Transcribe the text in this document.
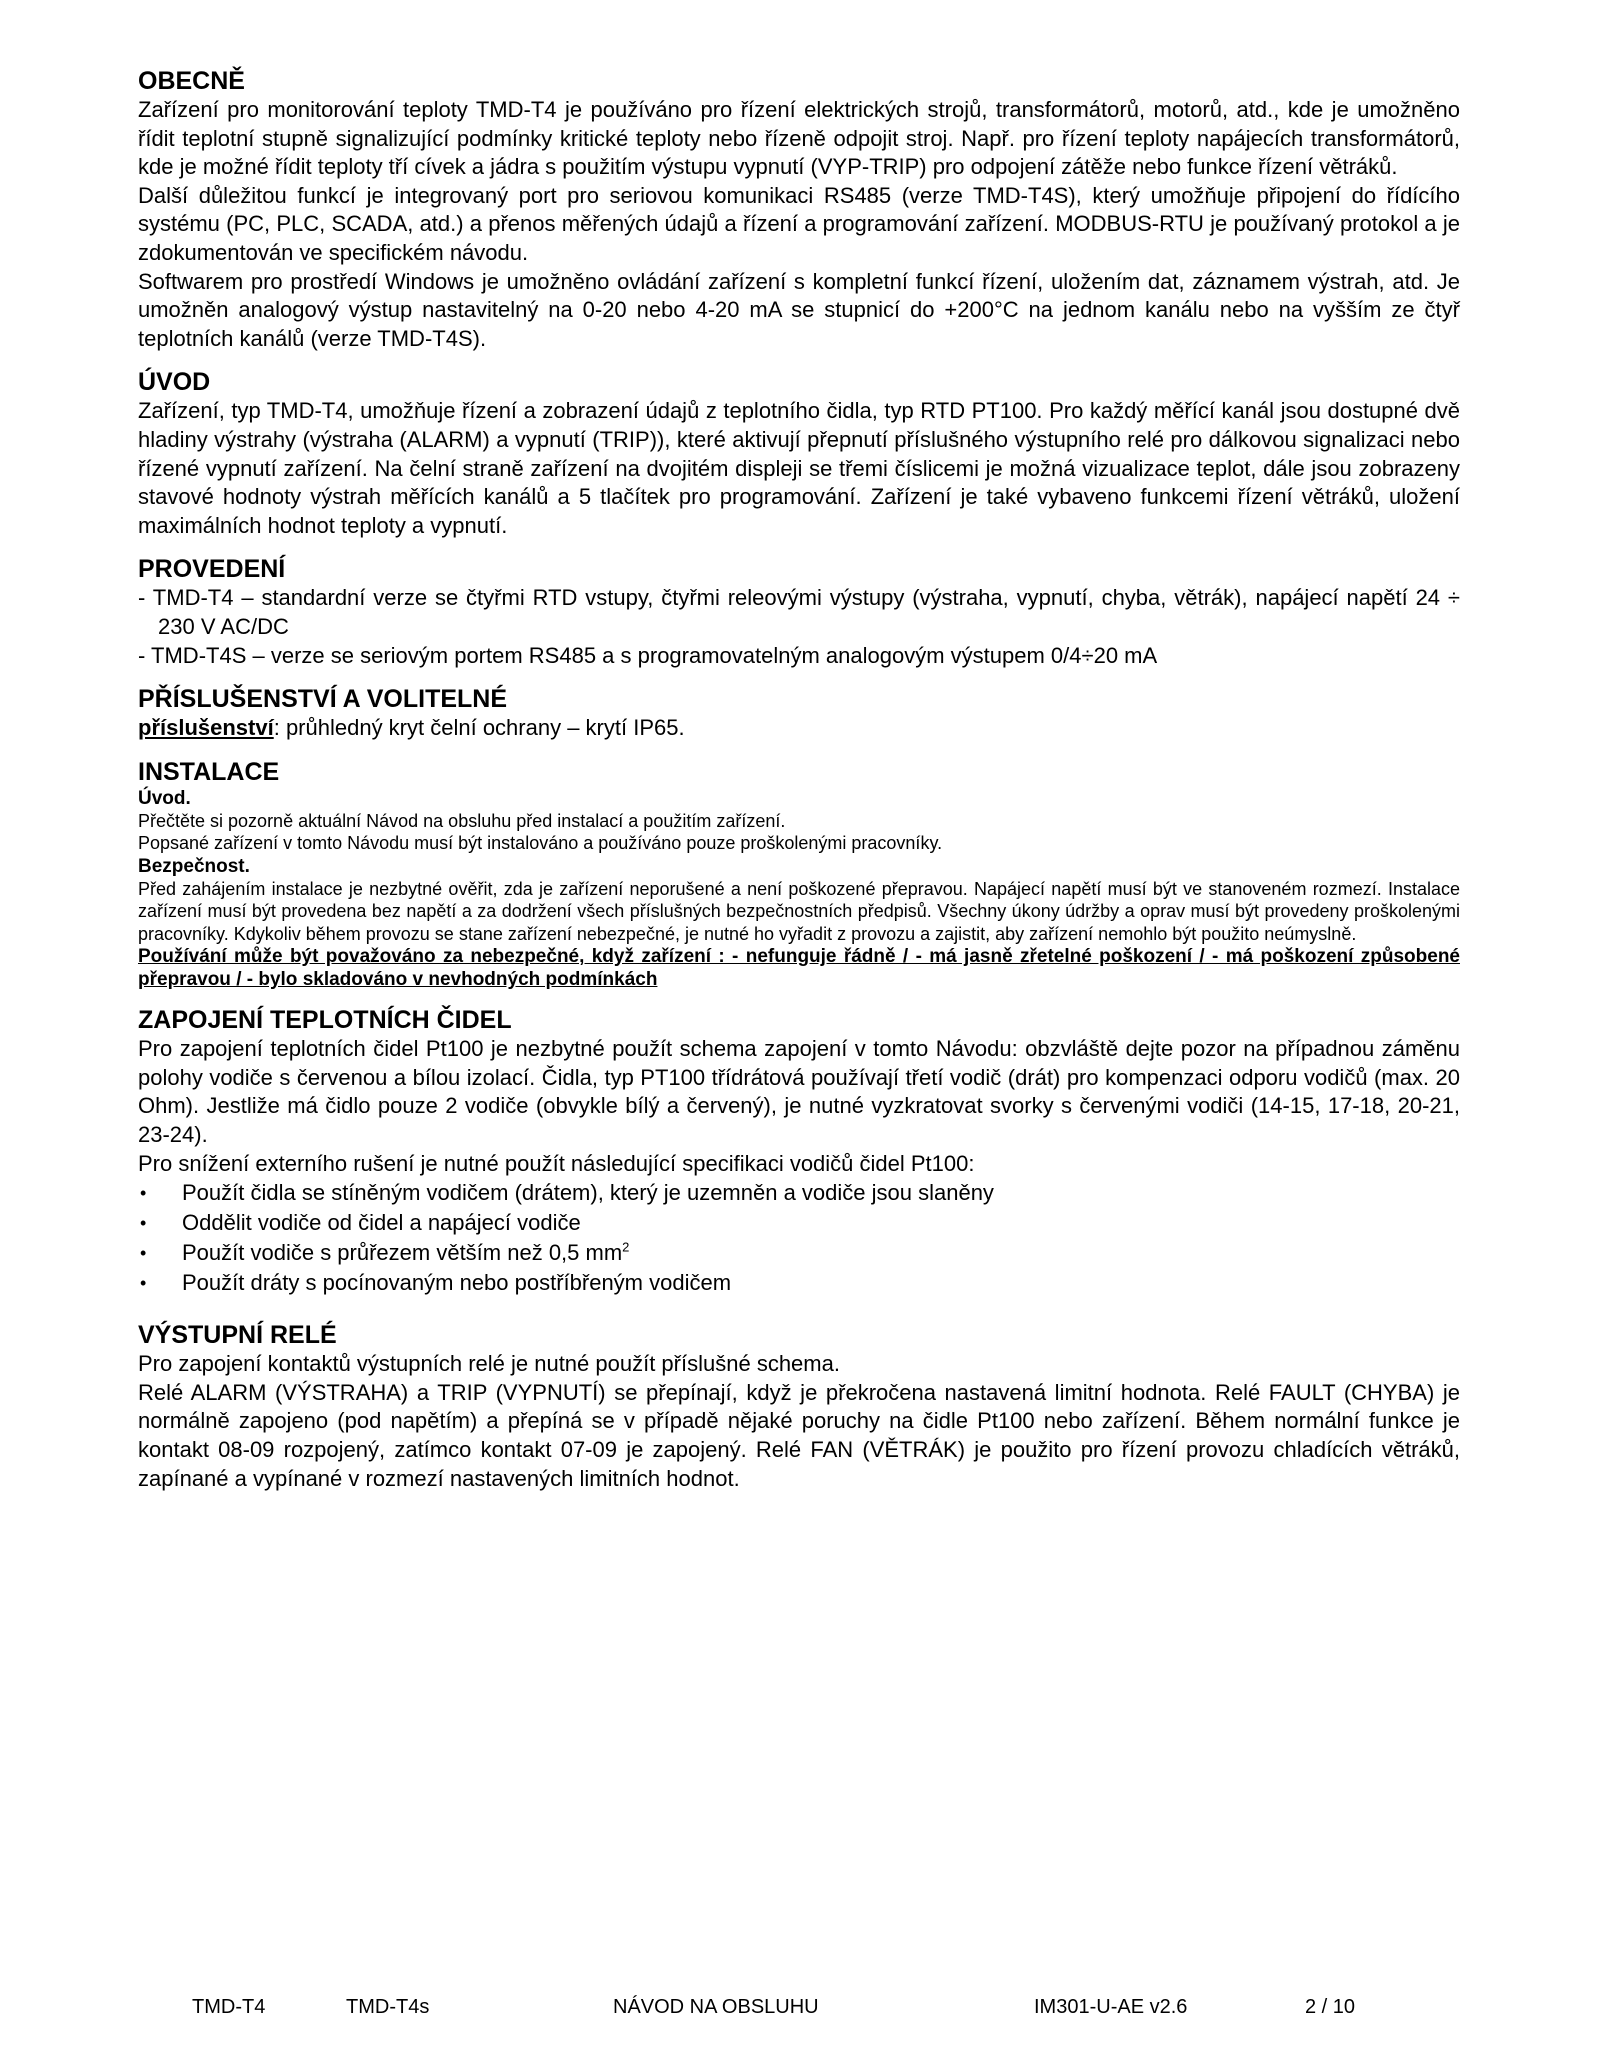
OBECNĚ

Zařízení pro monitorování teploty TMD-T4 je používáno pro řízení elektrických strojů, transformátorů, motorů, atd., kde je umožněno řídit teplotní stupně signalizující podmínky kritické teploty nebo řízeně odpojit stroj. Např. pro řízení teploty napájecích transformátorů, kde je možné řídit teploty tří cívek a jádra s použitím výstupu vypnutí (VYP-TRIP) pro odpojení zátěže nebo funkce řízení větráků.

Další důležitou funkcí je integrovaný port pro seriovou komunikaci RS485 (verze TMD-T4S), který umožňuje připojení do řídícího systému (PC, PLC, SCADA, atd.) a přenos měřených údajů a řízení a programování zařízení. MODBUS-RTU je používaný protokol a je zdokumentován ve specifickém návodu.

Softwarem pro prostředí Windows je umožněno ovládání zařízení s kompletní funkcí řízení, uložením dat, záznamem výstrah, atd. Je umožněn analogový výstup nastavitelný na 0-20 nebo 4-20 mA se stupnicí do +200°C na jednom kanálu nebo na vyšším ze čtyř teplotních kanálů (verze TMD-T4S).

ÚVOD

Zařízení, typ TMD-T4, umožňuje řízení a zobrazení údajů z teplotního čidla, typ RTD PT100. Pro každý měřící kanál jsou dostupné dvě hladiny výstrahy (výstraha (ALARM) a vypnutí (TRIP)), které aktivují přepnutí příslušného výstupního relé pro dálkovou signalizaci nebo řízené vypnutí zařízení. Na čelní straně zařízení na dvojitém displeji se třemi číslicemi je možná vizualizace teplot, dále jsou zobrazeny stavové hodnoty výstrah měřících kanálů a 5 tlačítek pro programování. Zařízení je také vybaveno funkcemi řízení větráků, uložení maximálních hodnot teploty a vypnutí.

PROVEDENÍ
- TMD-T4 – standardní verze se čtyřmi RTD vstupy, čtyřmi releovými výstupy (výstraha, vypnutí, chyba, větrák), napájecí napětí 24 ÷ 230 V AC/DC
- TMD-T4S – verze se seriovým portem RS485 a s programovatelným analogovým výstupem 0/4÷20 mA
PŘÍSLUŠENSTVÍ A VOLITELNÉ

příslušenství: průhledný kryt čelní ochrany – krytí IP65.

INSTALACE
Úvod.
Přečtěte si pozorně aktuální Návod na obsluhu před instalací a použitím zařízení.
Popsané zařízení v tomto Návodu musí být instalováno a používáno pouze proškolenými pracovníky.
Bezpečnost.

Před zahájením instalace je nezbytné ověřit, zda je zařízení neporušené a není poškozené přepravou. Napájecí napětí musí být ve stanoveném rozmezí. Instalace zařízení musí být provedena bez napětí a za dodržení všech příslušných bezpečnostních předpisů. Všechny úkony údržby a oprav musí být provedeny proškolenými pracovníky. Kdykoliv během provozu se stane zařízení nebezpečné, je nutné ho vyřadit z provozu a zajistit, aby zařízení nemohlo být použito neúmyslně.

Používání může být považováno za nebezpečné, když zařízení : - nefunguje řádně / - má jasně zřetelné poškození / - má poškození způsobené přepravou / - bylo skladováno v nevhodných podmínkách

ZAPOJENÍ TEPLOTNÍCH ČIDEL

Pro zapojení teplotních čidel Pt100 je nezbytné použít schema zapojení v tomto Návodu: obzvláště dejte pozor na případnou záměnu polohy vodiče s červenou a bílou izolací. Čidla, typ PT100 třídrátová používají třetí vodič (drát) pro kompenzaci odporu vodičů (max. 20 Ohm). Jestliže má čidlo pouze 2 vodiče (obvykle bílý a červený), je nutné vyzkratovat svorky s červenými vodiči (14-15, 17-18, 20-21, 23-24).

Pro snížení externího rušení je nutné použít následující specifikaci vodičů čidel Pt100:

• Použít čidla se stíněným vodičem (drátem), který je uzemněn a vodiče jsou slaněny
• Oddělit vodiče od čidel a napájecí vodiče
• Použít vodiče s průřezem větším než 0,5 $mm^2$
• Použít dráty s pocínovaným nebo postříbřeným vodičem
VÝSTUPNÍ RELÉ

Pro zapojení kontaktů výstupních relé je nutné použít příslušné schema.

Relé ALARM (VÝSTRAHA) a TRIP (VYPNUTÍ) se přepínají, když je překročena nastavená limitní hodnota. Relé FAULT (CHYBA) je normálně zapojeno (pod napětím) a přepíná se v případě nějaké poruchy na čidle Pt100 nebo zařízení. Během normální funkce je kontakt 08-09 rozpojený, zatímco kontakt 07-09 je zapojený. Relé FAN (VĚTRÁK) je použito pro řízení provozu chladících větráků, zapínané a vypínané v rozmezí nastavených limitních hodnot.

TMD-T4	TMD-T4s	NÁVOD NA OBSLUHU	IM301-U-AE v2.6	2 / 10
